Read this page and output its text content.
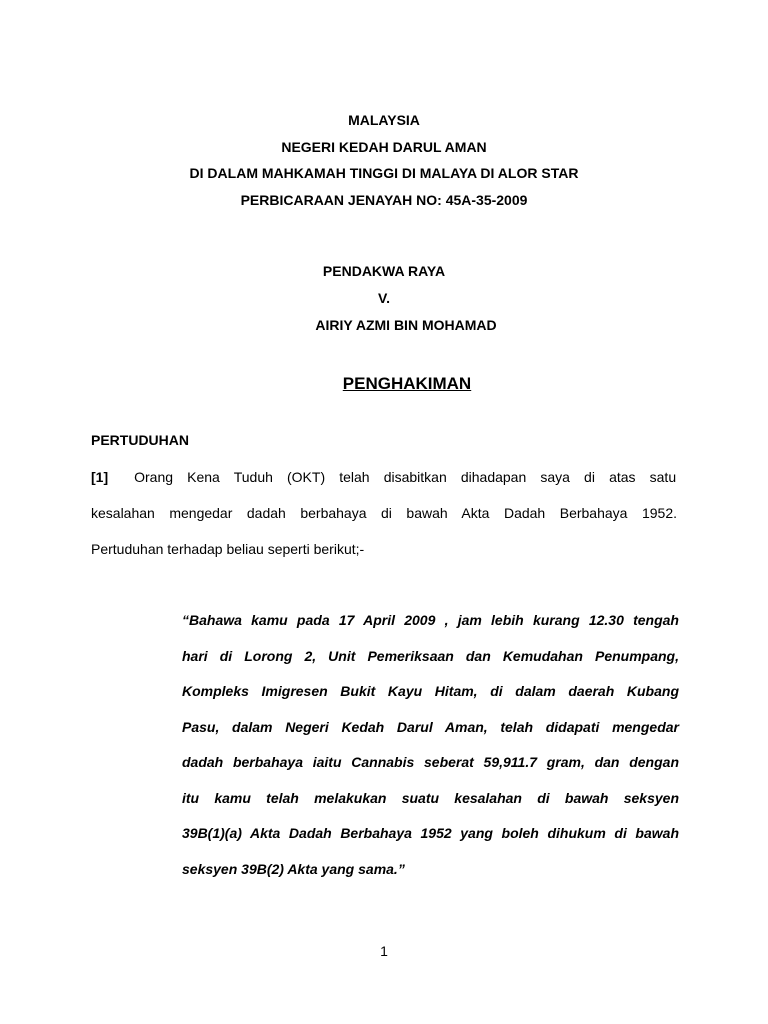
MALAYSIA
NEGERI KEDAH DARUL AMAN
DI DALAM MAHKAMAH TINGGI DI MALAYA DI ALOR STAR
PERBICARAAN JENAYAH NO: 45A-35-2009
PENDAKWA RAYA
V.
AIRIY AZMI BIN MOHAMAD
PENGHAKIMAN
PERTUDUHAN
[1] Orang Kena Tuduh (OKT) telah disabitkan dihadapan saya di atas satu
kesalahan mengedar dadah berbahaya di bawah Akta Dadah Berbahaya 1952.
Pertuduhan terhadap beliau seperti berikut;-
“Bahawa kamu pada 17 April 2009 , jam lebih kurang 12.30 tengah
hari di Lorong 2, Unit Pemeriksaan dan Kemudahan Penumpang,
Kompleks Imigresen Bukit Kayu Hitam, di dalam daerah Kubang
Pasu, dalam Negeri Kedah Darul Aman, telah didapati mengedar
dadah berbahaya iaitu Cannabis seberat 59,911.7 gram, dan dengan
itu kamu telah melakukan suatu kesalahan di bawah seksyen
39B(1)(a) Akta Dadah Berbahaya 1952 yang boleh dihukum di bawah
seksyen 39B(2) Akta yang sama.”
1
